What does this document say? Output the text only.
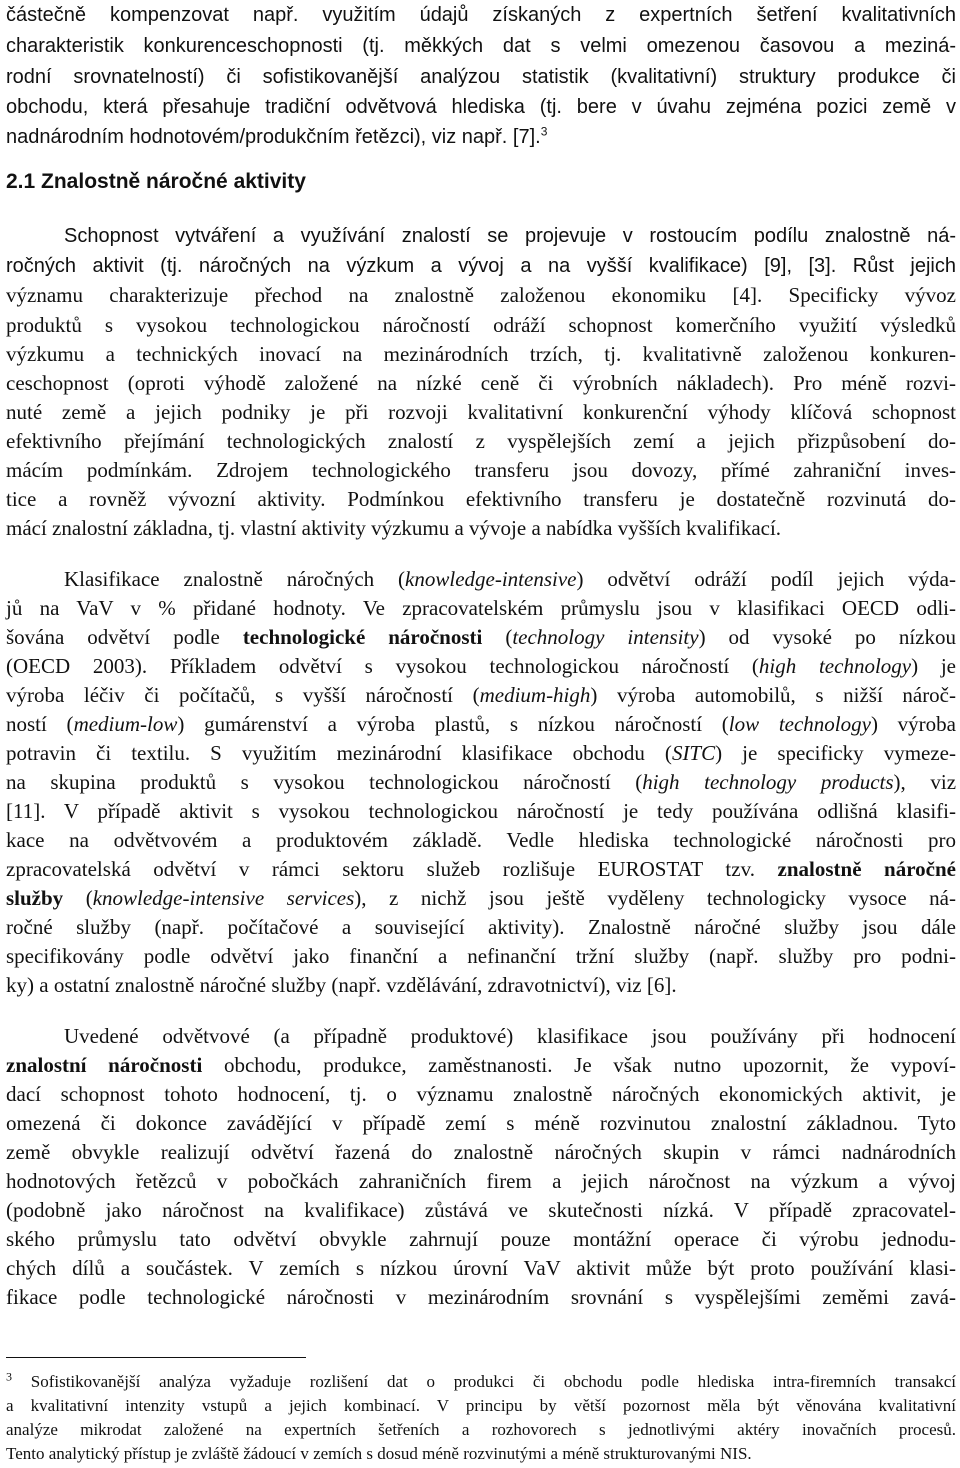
částečně kompenzovat např. využitím údajů získaných z expertních šetření kvalitativních
charakteristik konkurenceschopnosti (tj. měkkých dat s velmi omezenou časovou a meziná-
rodní srovnatelností) či sofistikovanější analýzou statistik (kvalitativní) struktury produkce či
obchodu, která přesahuje tradiční odvětvová hlediska (tj. bere v úvahu zejména pozici země v
nadnárodním hodnotovém/produkčním řetězci), viz např. [7].$^3$
2.1 Znalostně náročné aktivity
Schopnost vytváření a využívání znalostí se projevuje v rostoucím podílu znalostně ná-
ročných aktivit (tj. náročných na výzkum a vývoj a na vyšší kvalifikace) [9], [3]. Růst jejich
významu charakterizuje přechod na znalostně založenou ekonomiku [4]. Specificky vývoz
produktů s vysokou technologickou náročností odráží schopnost komerčního využití výsledků
výzkumu a technických inovací na mezinárodních trzích, tj. kvalitativně založenou konkuren-
ceschopnost (oproti výhodě založené na nízké ceně či výrobních nákladech). Pro méně rozvi-
nuté země a jejich podniky je při rozvoji kvalitativní konkurenční výhody klíčová schopnost
efektivního přejímání technologických znalostí z vyspělejších zemí a jejich přizpůsobení do-
mácím podmínkám. Zdrojem technologického transferu jsou dovozy, přímé zahraniční inves-
tice a rovněž vývozní aktivity. Podmínkou efektivního transferu je dostatečně rozvinutá do-
mácí znalostní základna, tj. vlastní aktivity výzkumu a vývoje a nabídka vyšších kvalifikací.
Klasifikace znalostně náročných (knowledge-intensive) odvětví odráží podíl jejich výda-
jů na VaV v % přidané hodnoty. Ve zpracovatelském průmyslu jsou v klasifikaci OECD odli-
šována odvětví podle technologické náročnosti (technology intensity) od vysoké po nízkou
(OECD 2003). Příkladem odvětví s vysokou technologickou náročností (high technology) je
výroba léčiv či počítačů, s vyšší náročností (medium-high) výroba automobilů, s nižší nároč-
ností (medium-low) gumárenství a výroba plastů, s nízkou náročností (low technology) výroba
potravin či textilu. S využitím mezinárodní klasifikace obchodu (SITC) je specificky vymeze-
na skupina produktů s vysokou technologickou náročností (high technology products), viz
[11]. V případě aktivit s vysokou technologickou náročností je tedy používána odlišná klasifi-
kace na odvětvovém a produktovém základě. Vedle hlediska technologické náročnosti pro
zpracovatelská odvětví v rámci sektoru služeb rozlišuje EUROSTAT tzv. znalostně náročné
služby (knowledge-intensive services), z nichž jsou ještě vyděleny technologicky vysoce ná-
ročné služby (např. počítačové a související aktivity). Znalostně náročné služby jsou dále
specifikovány podle odvětví jako finanční a nefinanční tržní služby (např. služby pro podni-
ky) a ostatní znalostně náročné služby (např. vzdělávání, zdravotnictví), viz [6].
Uvedené odvětvové (a případně produktové) klasifikace jsou používány při hodnocení
znalostní náročnosti obchodu, produkce, zaměstnanosti. Je však nutno upozornit, že vypoví-
dací schopnost tohoto hodnocení, tj. o významu znalostně náročných ekonomických aktivit, je
omezená či dokonce zavádějící v případě zemí s méně rozvinutou znalostní základnou. Tyto
země obvykle realizují odvětví řazená do znalostně náročných skupin v rámci nadnárodních
hodnotových řetězců v pobočkách zahraničních firem a jejich náročnost na výzkum a vývoj
(podobně jako náročnost na kvalifikace) zůstává ve skutečnosti nízká. V případě zpracovatel-
ského průmyslu tato odvětví obvykle zahrnují pouze montážní operace či výrobu jednodu-
chých dílů a součástek. V zemích s nízkou úrovní VaV aktivit může být proto používání klasi-
fikace podle technologické náročnosti v mezinárodním srovnání s vyspělejšími zeměmi zavá-
$^3$ Sofistikovanější analýza vyžaduje rozlišení dat o produkci či obchodu podle hlediska intra-firemních transakcí
a kvalitativní intenzity vstupů a jejich kombinací. V principu by větší pozornost měla být věnována kvalitativní
analýze mikrodat založené na expertních šetřeních a rozhovorech s jednotlivými aktéry inovačních procesů.
Tento analytický přístup je zvláště žádoucí v zemích s dosud méně rozvinutými a méně strukturovanými NIS.
